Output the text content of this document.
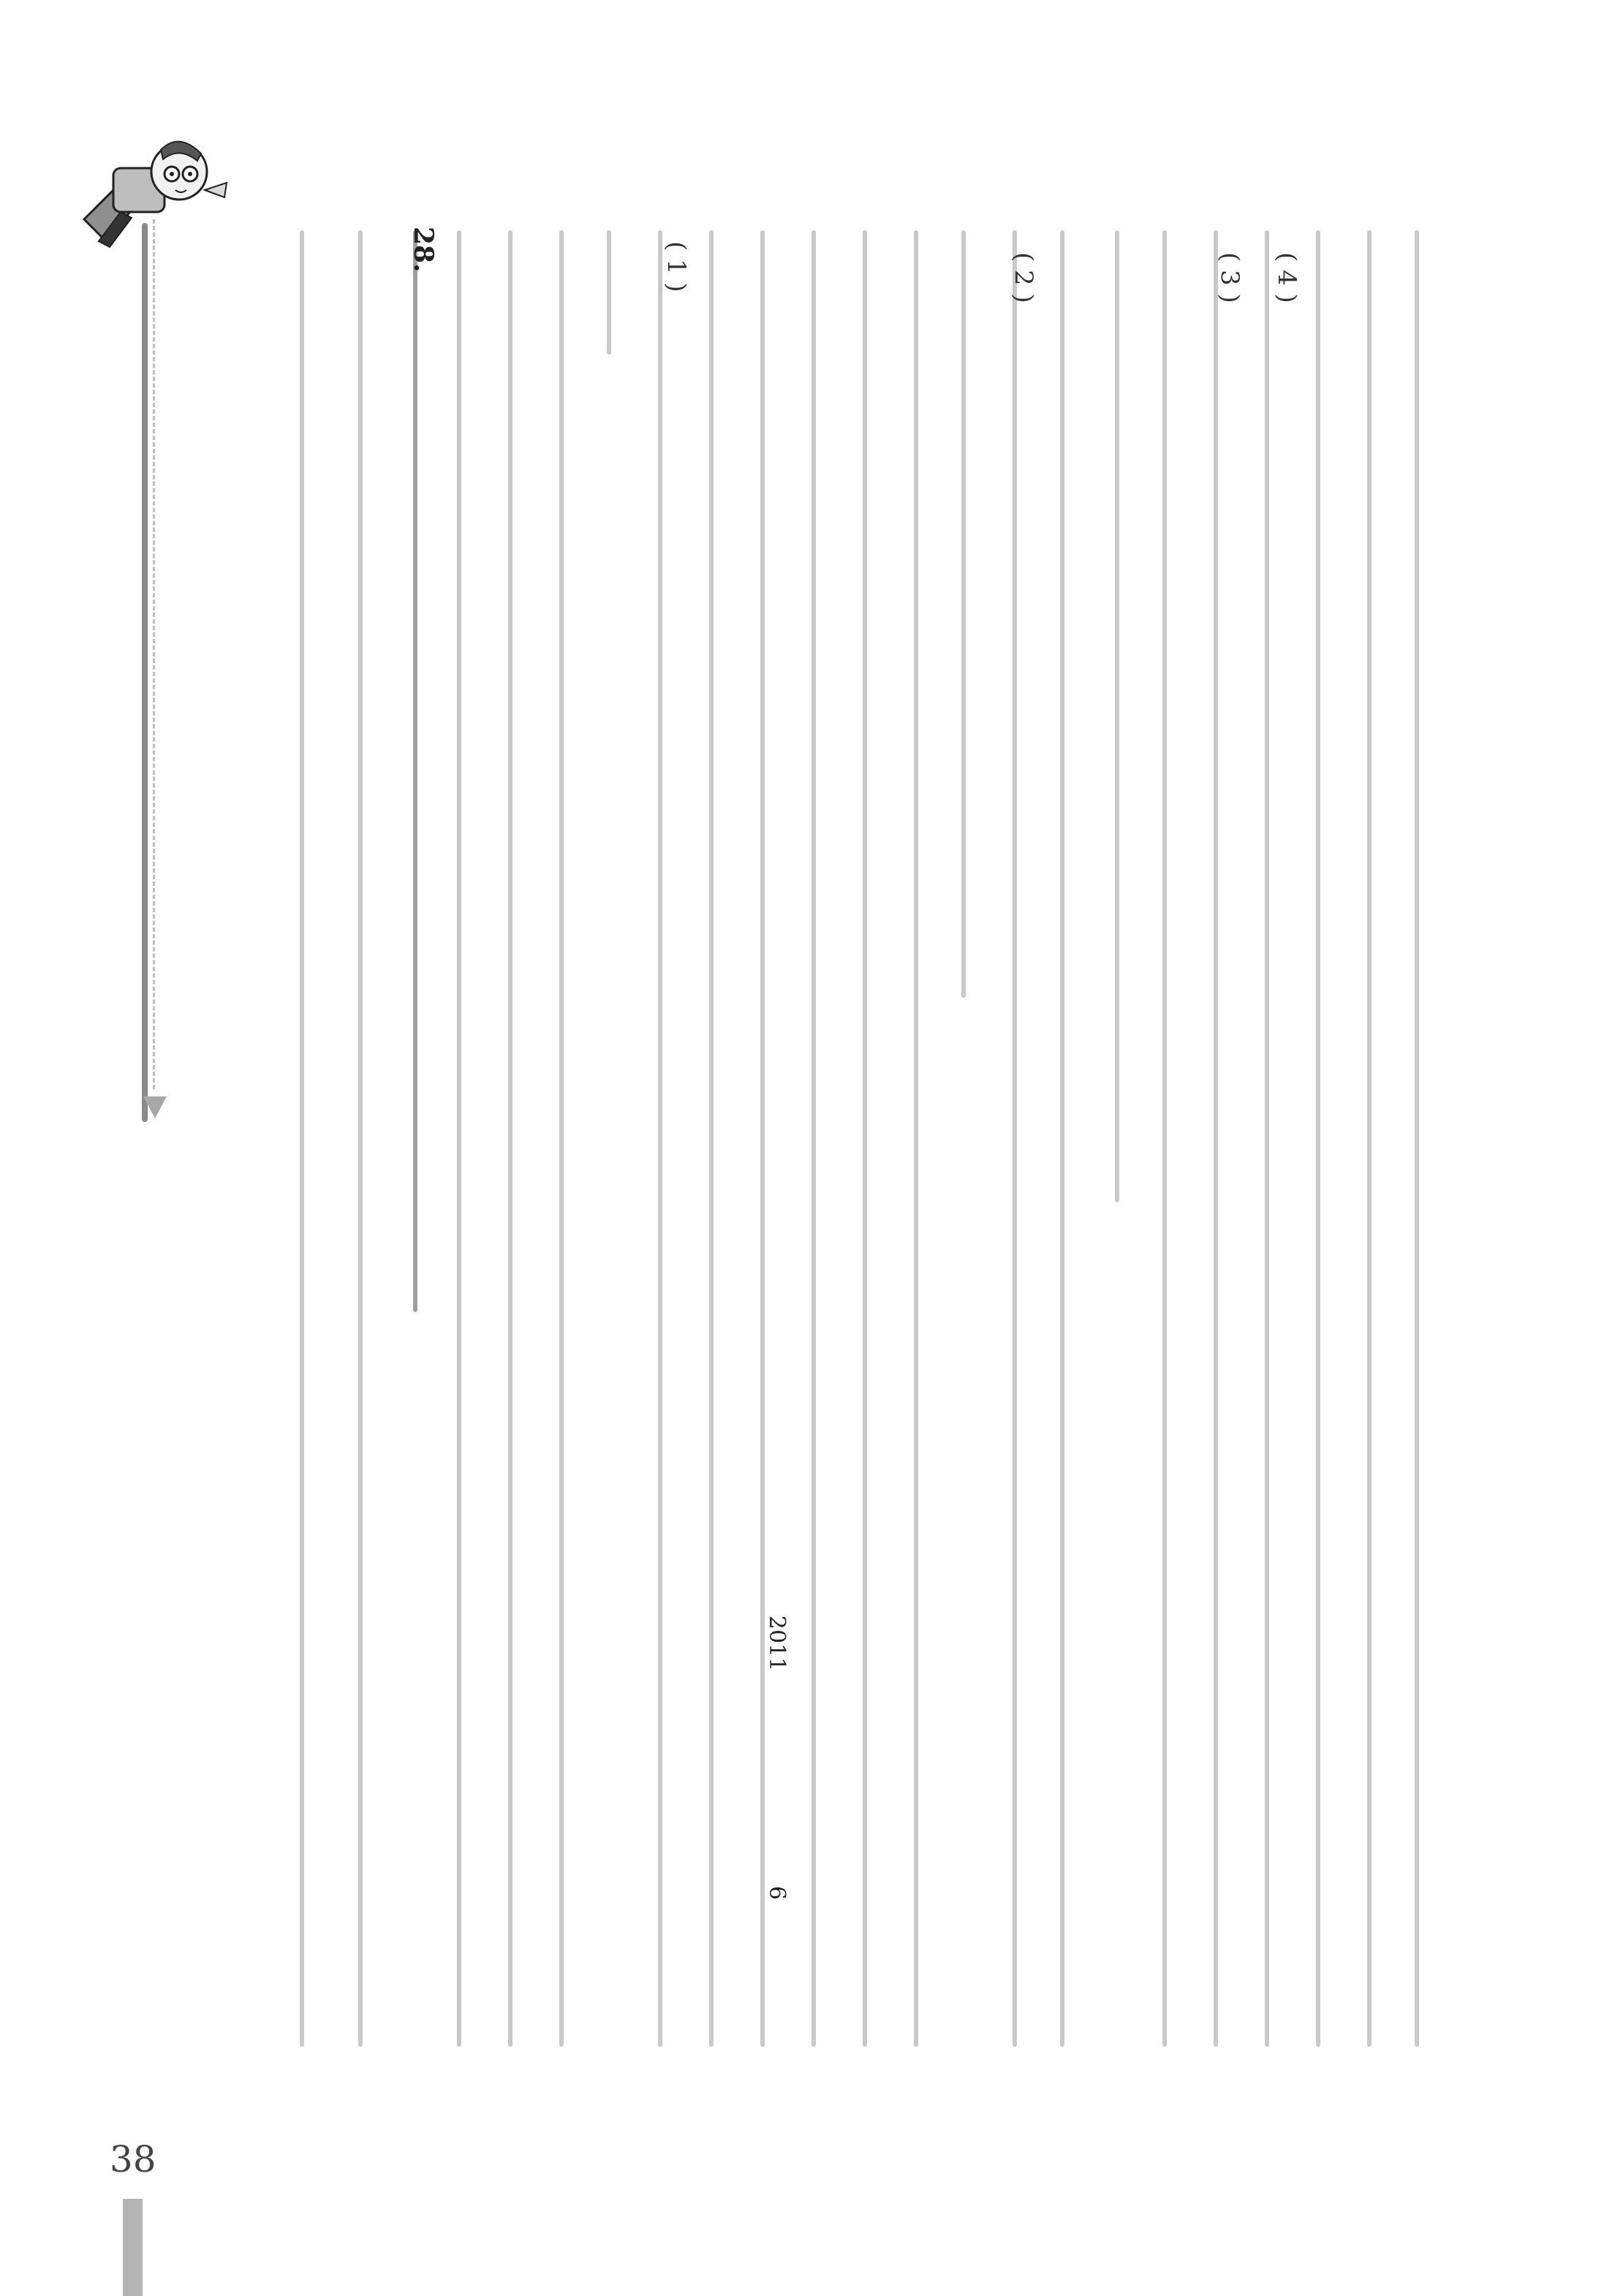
28.	( 1 )	( 2 )	( 3 ) ( 4 )
2011
6
38
